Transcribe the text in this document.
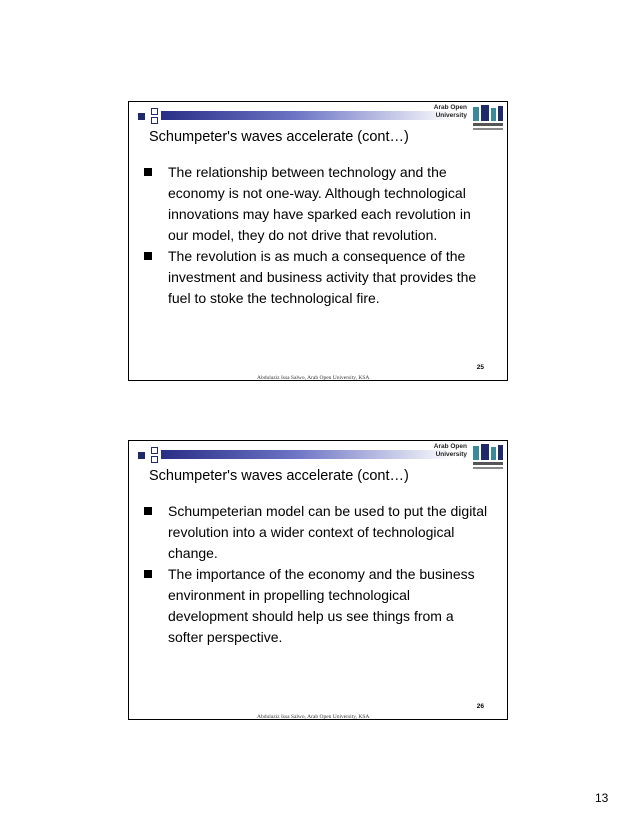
Arab Open University
Schumpeter's waves accelerate (cont…)
The relationship between technology and the economy is not one-way. Although technological innovations may have sparked each revolution in our model, they do not drive that revolution.
The revolution is as much a consequence of the investment and business activity that provides the fuel to stoke the technological fire.
25
Abdulaziz Issa Salwo, Arab Open University, KSA
Arab Open University
Schumpeter's waves accelerate (cont…)
Schumpeterian model can be used to put the digital revolution into a wider context of technological change.
The importance of the economy and the business environment in propelling technological development should help us see things from a softer perspective.
26
Abdulaziz Issa Salwo, Arab Open University, KSA
13
